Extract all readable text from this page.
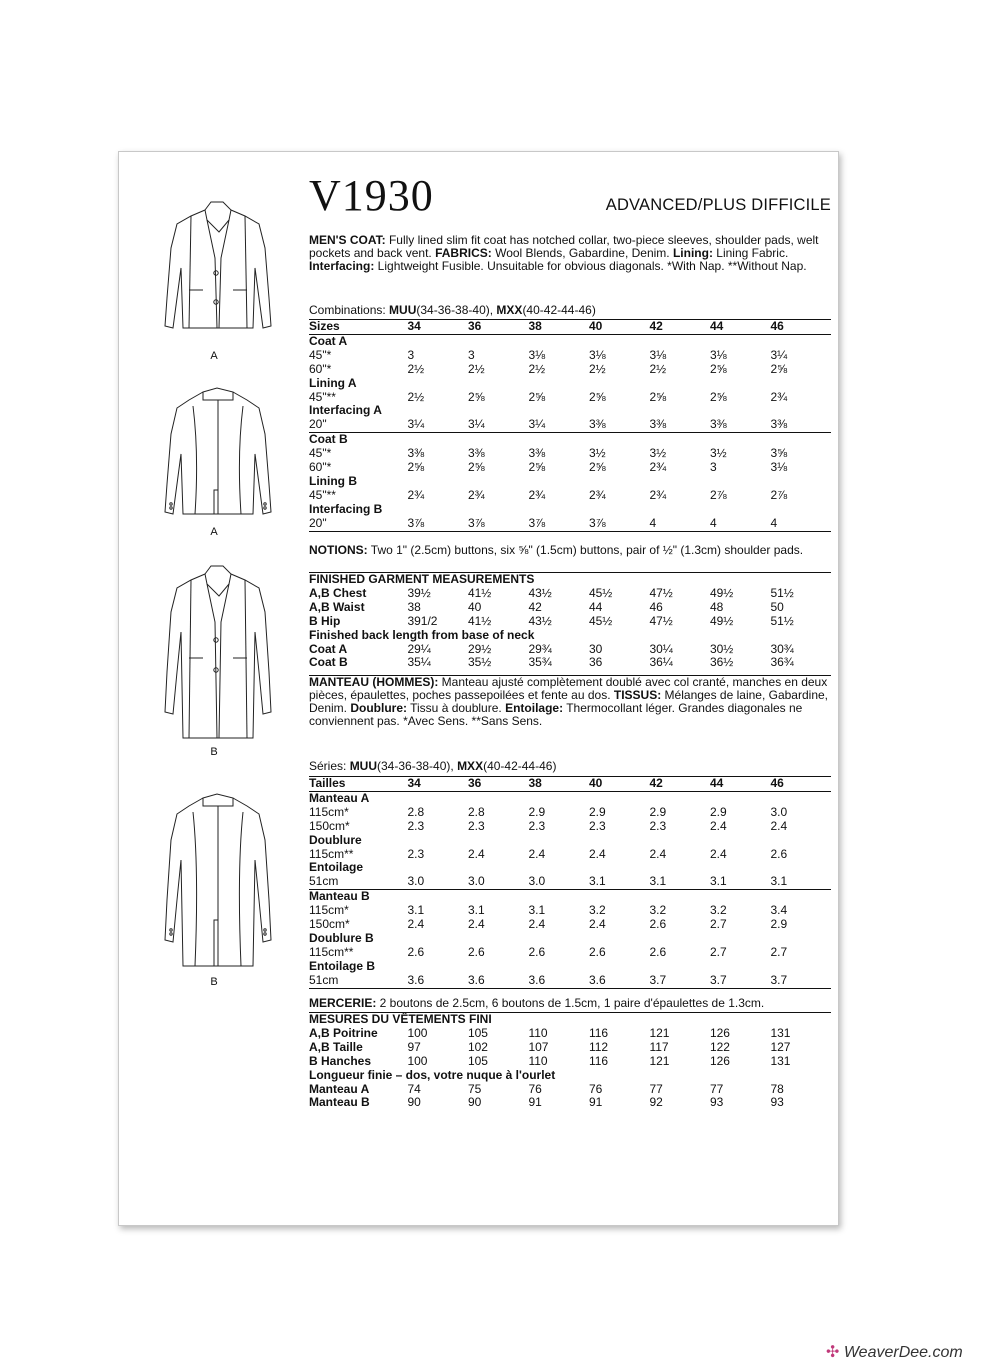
A
A
B
B
V1930	ADVANCED/PLUS DIFFICILE
MEN'S COAT: Fully lined slim fit coat has notched collar, two-piece sleeves, shoulder pads, welt pockets and back vent. FABRICS: Wool Blends, Gabardine, Denim. Lining: Lining Fabric. Interfacing: Lightweight Fusible. Unsuitable for obvious diagonals. *With Nap. **Without Nap.
Combinations: MUU(34-36-38-40), MXX(40-42-44-46)
Sizes	34	36	38	40	42	44	46
Coat A							
45"*	3	3	3⅛	3⅛	3⅛	3⅛	3¼
60"*	2½	2½	2½	2½	2½	2⅝	2⅝
Lining A							
45"**	2½	2⅝	2⅝	2⅝	2⅝	2⅝	2¾
Interfacing A							
20"	3¼	3¼	3¼	3⅜	3⅜	3⅜	3⅜
Coat B							
45"*	3⅜	3⅜	3⅜	3½	3½	3½	3⅝
60"*	2⅝	2⅝	2⅝	2⅝	2¾	3	3⅛
Lining B							
45"**	2¾	2¾	2¾	2¾	2¾	2⅞	2⅞
Interfacing B							
20"	3⅞	3⅞	3⅞	3⅞	4	4	4
NOTIONS: Two 1" (2.5cm) buttons, six ⅝" (1.5cm) buttons, pair of ½" (1.3cm) shoulder pads.
FINISHED GARMENT MEASUREMENTS							
A,B Chest	39½	41½	43½	45½	47½	49½	51½
A,B Waist	38	40	42	44	46	48	50
B Hip	391/2	41½	43½	45½	47½	49½	51½
Finished back length from base of neck							
Coat A	29¼	29½	29¾	30	30¼	30½	30¾
Coat B	35¼	35½	35¾	36	36¼	36½	36¾
MANTEAU (HOMMES): Manteau ajusté complètement doublé avec col cranté, manches en deux pièces, épaulettes, poches passepoilées et fente au dos. TISSUS: Mélanges de laine, Gabardine, Denim. Doublure: Tissu à doublure. Entoilage: Thermocollant léger. Grandes diagonales ne conviennent pas. *Avec Sens. **Sans Sens.
Séries: MUU(34-36-38-40), MXX(40-42-44-46)
Tailles	34	36	38	40	42	44	46
Manteau A							
115cm*	2.8	2.8	2.9	2.9	2.9	2.9	3.0
150cm*	2.3	2.3	2.3	2.3	2.3	2.4	2.4
Doublure							
115cm**	2.3	2.4	2.4	2.4	2.4	2.4	2.6
Entoilage							
51cm	3.0	3.0	3.0	3.1	3.1	3.1	3.1
Manteau B							
115cm*	3.1	3.1	3.1	3.2	3.2	3.2	3.4
150cm*	2.4	2.4	2.4	2.4	2.6	2.7	2.9
Doublure B							
115cm**	2.6	2.6	2.6	2.6	2.6	2.7	2.7
Entoilage B							
51cm	3.6	3.6	3.6	3.6	3.7	3.7	3.7
MERCERIE: 2 boutons de 2.5cm, 6 boutons de 1.5cm, 1 paire d'épaulettes de 1.3cm.
MESURES DU VÊTEMENTS FINI							
A,B Poitrine	100	105	110	116	121	126	131
A,B Taille	97	102	107	112	117	122	127
B Hanches	100	105	110	116	121	126	131
Longueur finie – dos, votre nuque à l'ourlet							
Manteau A	74	75	76	76	77	77	78
Manteau B	90	90	91	91	92	93	93
✣ WeaverDee.com
